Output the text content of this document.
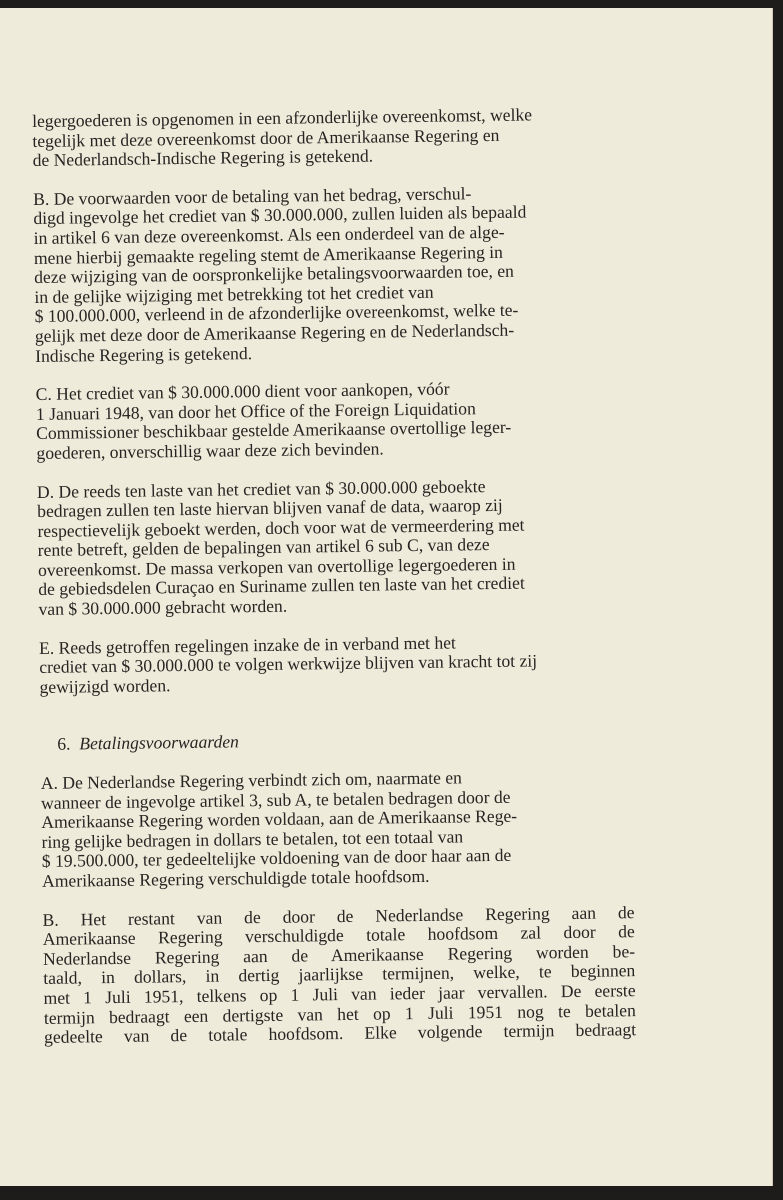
legergoederen is opgenomen in een afzonderlijke overeenkomst, welke
tegelijk met deze overeenkomst door de Amerikaanse Regering en
de Nederlandsch-Indische Regering is getekend.
B. De voorwaarden voor de betaling van het bedrag, verschul-
digd ingevolge het crediet van $ 30.000.000, zullen luiden als bepaald
in artikel 6 van deze overeenkomst. Als een onderdeel van de alge-
mene hierbij gemaakte regeling stemt de Amerikaanse Regering in
deze wijziging van de oorspronkelijke betalingsvoorwaarden toe, en
in de gelijke wijziging met betrekking tot het crediet van
$ 100.000.000, verleend in de afzonderlijke overeenkomst, welke te-
gelijk met deze door de Amerikaanse Regering en de Nederlandsch-
Indische Regering is getekend.
C. Het crediet van $ 30.000.000 dient voor aankopen, vóór
1 Januari 1948, van door het Office of the Foreign Liquidation
Commissioner beschikbaar gestelde Amerikaanse overtollige leger-
goederen, onverschillig waar deze zich bevinden.
D. De reeds ten laste van het crediet van $ 30.000.000 geboekte
bedragen zullen ten laste hiervan blijven vanaf de data, waarop zij
respectievelijk geboekt werden, doch voor wat de vermeerdering met
rente betreft, gelden de bepalingen van artikel 6 sub C, van deze
overeenkomst. De massa verkopen van overtollige legergoederen in
de gebiedsdelen Curaçao en Suriname zullen ten laste van het crediet
van $ 30.000.000 gebracht worden.
E. Reeds getroffen regelingen inzake de in verband met het
crediet van $ 30.000.000 te volgen werkwijze blijven van kracht tot zij
gewijzigd worden.
6. Betalingsvoorwaarden
A. De Nederlandse Regering verbindt zich om, naarmate en
wanneer de ingevolge artikel 3, sub A, te betalen bedragen door de
Amerikaanse Regering worden voldaan, aan de Amerikaanse Rege-
ring gelijke bedragen in dollars te betalen, tot een totaal van
$ 19.500.000, ter gedeeltelijke voldoening van de door haar aan de
Amerikaanse Regering verschuldigde totale hoofdsom.
B. Het restant van de door de Nederlandse Regering aan de
Amerikaanse Regering verschuldigde totale hoofdsom zal door de
Nederlandse Regering aan de Amerikaanse Regering worden be-
taald, in dollars, in dertig jaarlijkse termijnen, welke, te beginnen
met 1 Juli 1951, telkens op 1 Juli van ieder jaar vervallen. De eerste
termijn bedraagt een dertigste van het op 1 Juli 1951 nog te betalen
gedeelte van de totale hoofdsom. Elke volgende termijn bedraagt
